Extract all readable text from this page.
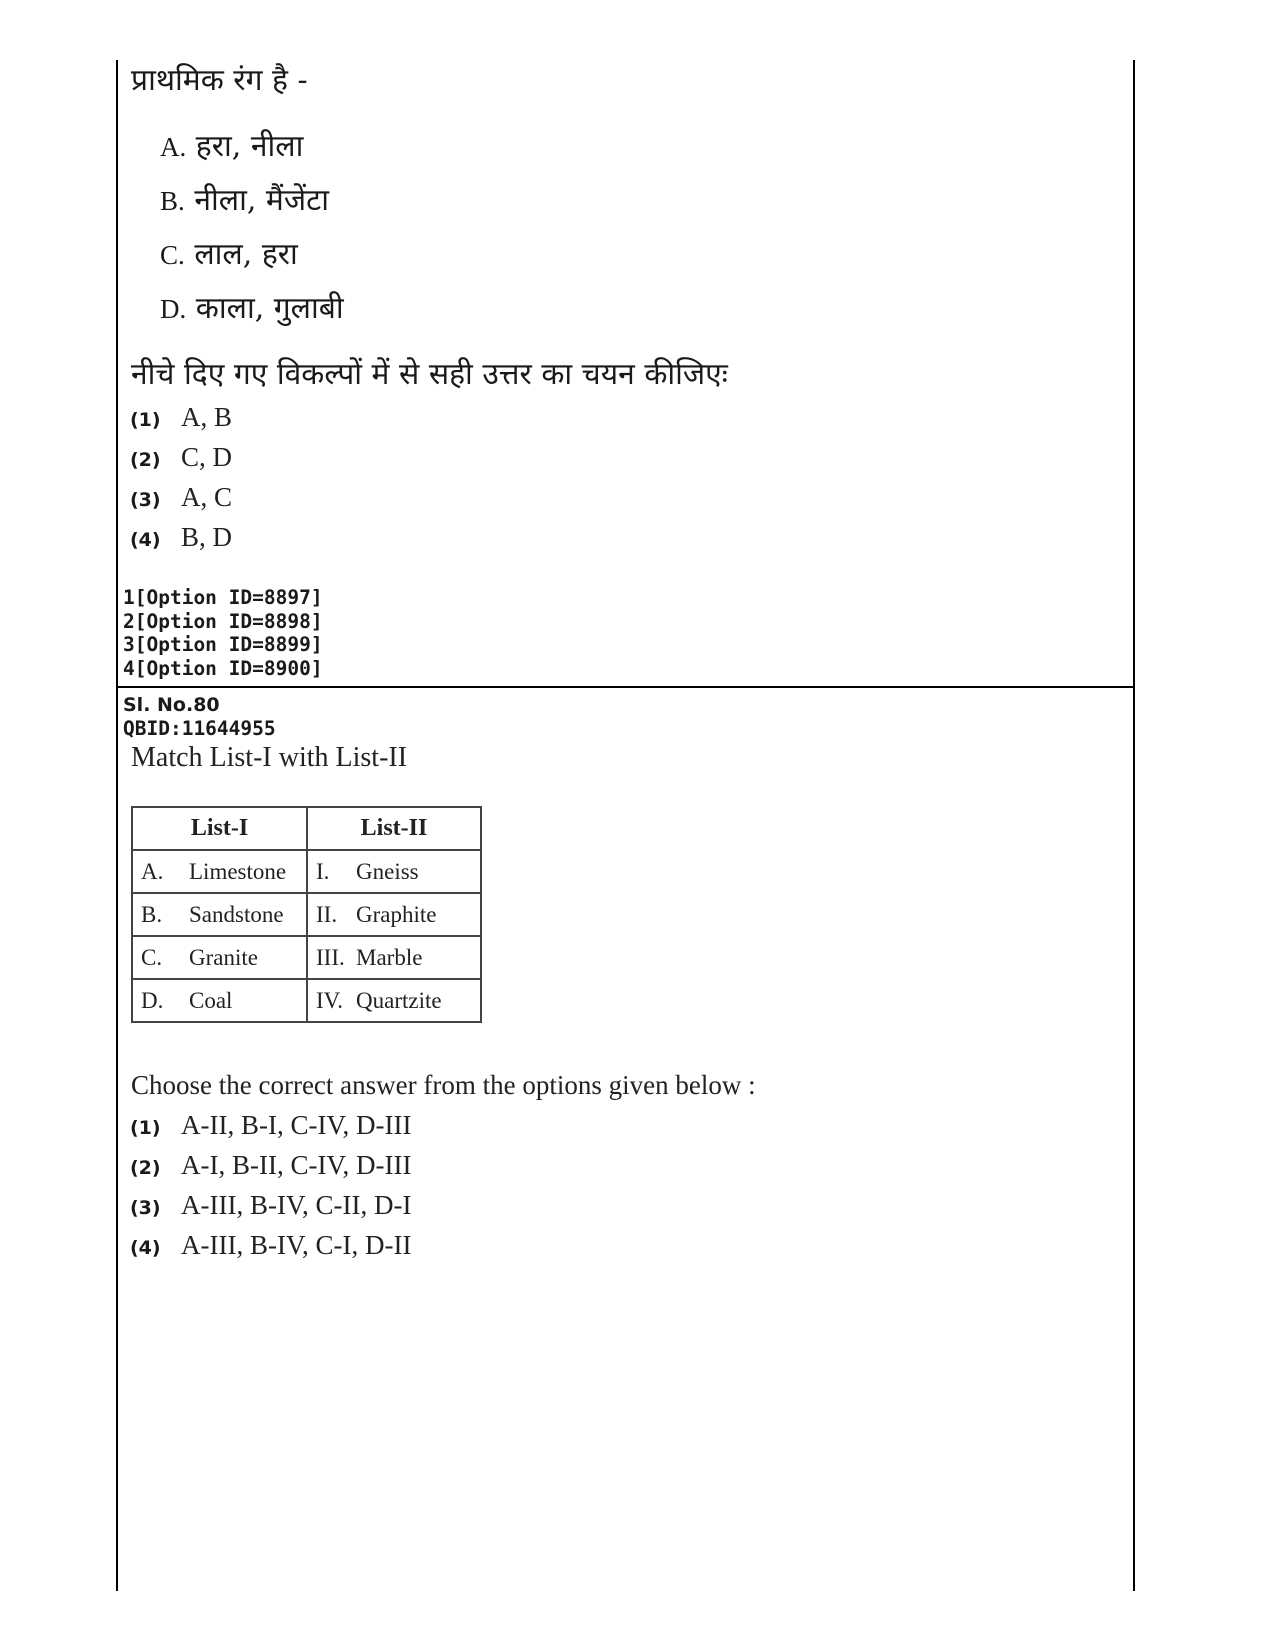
प्राथमिक रंग है -
A. हरा, नीला
B. नीला, मैंजेंटा
C. लाल, हरा
D. काला, गुलाबी
नीचे दिए गए विकल्पों में से सही उत्तर का चयन कीजिएः
(1) A, B
(2) C, D
(3) A, C
(4) B, D
1[Option ID=8897]
2[Option ID=8898]
3[Option ID=8899]
4[Option ID=8900]
Sl. No.80
QBID:11644955
Match List-I with List-II
List-I	List-II
A. Limestone	I. Gneiss
B. Sandstone	II. Graphite
C. Granite	III. Marble
D. Coal	IV. Quartzite
Choose the correct answer from the options given below :
(1) A-II, B-I, C-IV, D-III
(2) A-I, B-II, C-IV, D-III
(3) A-III, B-IV, C-II, D-I
(4) A-III, B-IV, C-I, D-II
